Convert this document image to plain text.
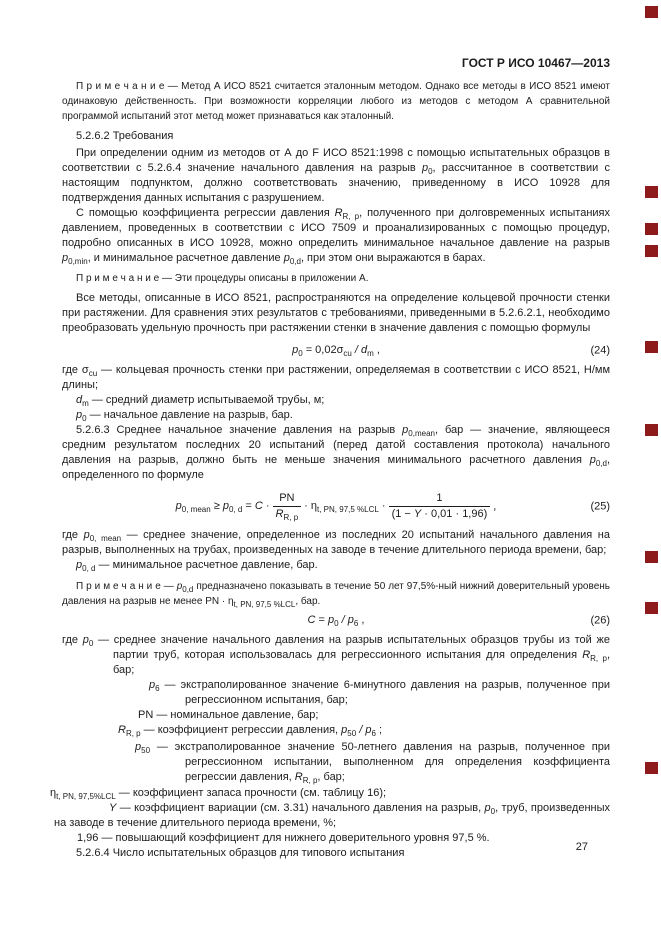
ГОСТ Р ИСО 10467—2013

П р и м е ч а н и е — Метод А ИСО 8521 считается эталонным методом. Однако все методы в ИСО 8521 имеют одинаковую действенность. При возможности корреляции любого из методов с методом А сравнительной программой испытаний этот метод может признаваться как эталонный.

5.2.6.2 Требования

При определении одним из методов от А до F ИСО 8521:1998 с помощью испытательных образцов в соответствии с 5.2.6.4 значение начального давления на разрыв $p_0$, рассчитанное в соответствии с настоящим подпунктом, должно соответствовать значению, приведенному в ИСО 10928 для подтверждения данных испытания с разрушением.

С помощью коэффициента регрессии давления $R_{R, p}$, полученного при долговременных испытаниях давлением, проведенных в соответствии с ИСО 7509 и проанализированных с помощью процедур, подробно описанных в ИСО 10928, можно определить минимальное начальное давление на разрыв $p_{0,min}$, и минимальное расчетное давление $p_{0,d}$, при этом они выражаются в барах.

П р и м е ч а н и е — Эти процедуры описаны в приложении А.

Все методы, описанные в ИСО 8521, распространяются на определение кольцевой прочности стенки при растяжении. Для сравнения этих результатов с требованиями, приведенными в 5.2.6.2.1, необходимо преобразовать удельную прочность при растяжении стенки в значение давления с помощью формулы

$p_0 = 0,02\sigma_{cu} / d_m$ ,	(24)

где $\sigma_{cu}$ — кольцевая прочность стенки при растяжении, определяемая в соответствии с ИСО 8521, Н/мм длины;

$d_m$ — средний диаметр испытываемой трубы, м;

$p_0$ — начальное давление на разрыв, бар.

5.2.6.3 Среднее начальное значение давления на разрыв $p_{0,mean}$, бар — значение, являющееся средним результатом последних 20 испытаний (перед датой составления протокола) начального давления на разрыв, должно быть не меньше значения минимального расчетного давления $p_{0,d}$, определенного по формуле

$p_{0, mean} \ge p_{0, d} = C \cdot \frac{PN}{R_{R, p}} \cdot \eta_{t, PN, 97,5 \%LCL} \cdot \frac{1}{(1 - Y \cdot 0,01 \cdot 1,96)}$ ,	(25)

где $p_{0, mean}$ — среднее значение, определенное из последних 20 испытаний начального давления на разрыв, выполненных на трубах, произведенных на заводе в течение длительного периода времени, бар;

$p_{0, d}$ — минимальное расчетное давление, бар.

П р и м е ч а н и е — $p_{0,d}$ предназначено показывать в течение 50 лет 97,5%-ный нижний доверительный уровень давления на разрыв не менее PN · $\eta_{t, PN, 97,5 \%LCL}$, бар.

$C = p_0 / p_6$ ,	(26)

где $p_0$ — среднее значение начального давления на разрыв испытательных образцов трубы из той же партии труб, которая использовалась для регрессионного испытания для определения $R_{R, p}$, бар;

$p_6$ — экстраполированное значение 6-минутного давления на разрыв, полученное при регрессионном испытания, бар;

PN — номинальное давление, бар;

$R_{R, p}$ — коэффициент регрессии давления, $p_{50} / p_6$ ;

$p_{50}$ — экстраполированное значение 50-летнего давления на разрыв, полученное при регрессионном испытании, выполненном для определения коэффициента регрессии давления, $R_{R, p}$, бар;

$\eta_{t, PN, 97,5\%LCL}$ — коэффициент запаса прочности (см. таблицу 16);

Y — коэффициент вариации (см. 3.31) начального давления на разрыв, $p_0$, труб, произведенных на заводе в течение длительного периода времени, %;

1,96 — повышающий коэффициент для нижнего доверительного уровня 97,5 %.

5.2.6.4 Число испытательных образцов для типового испытания	27
